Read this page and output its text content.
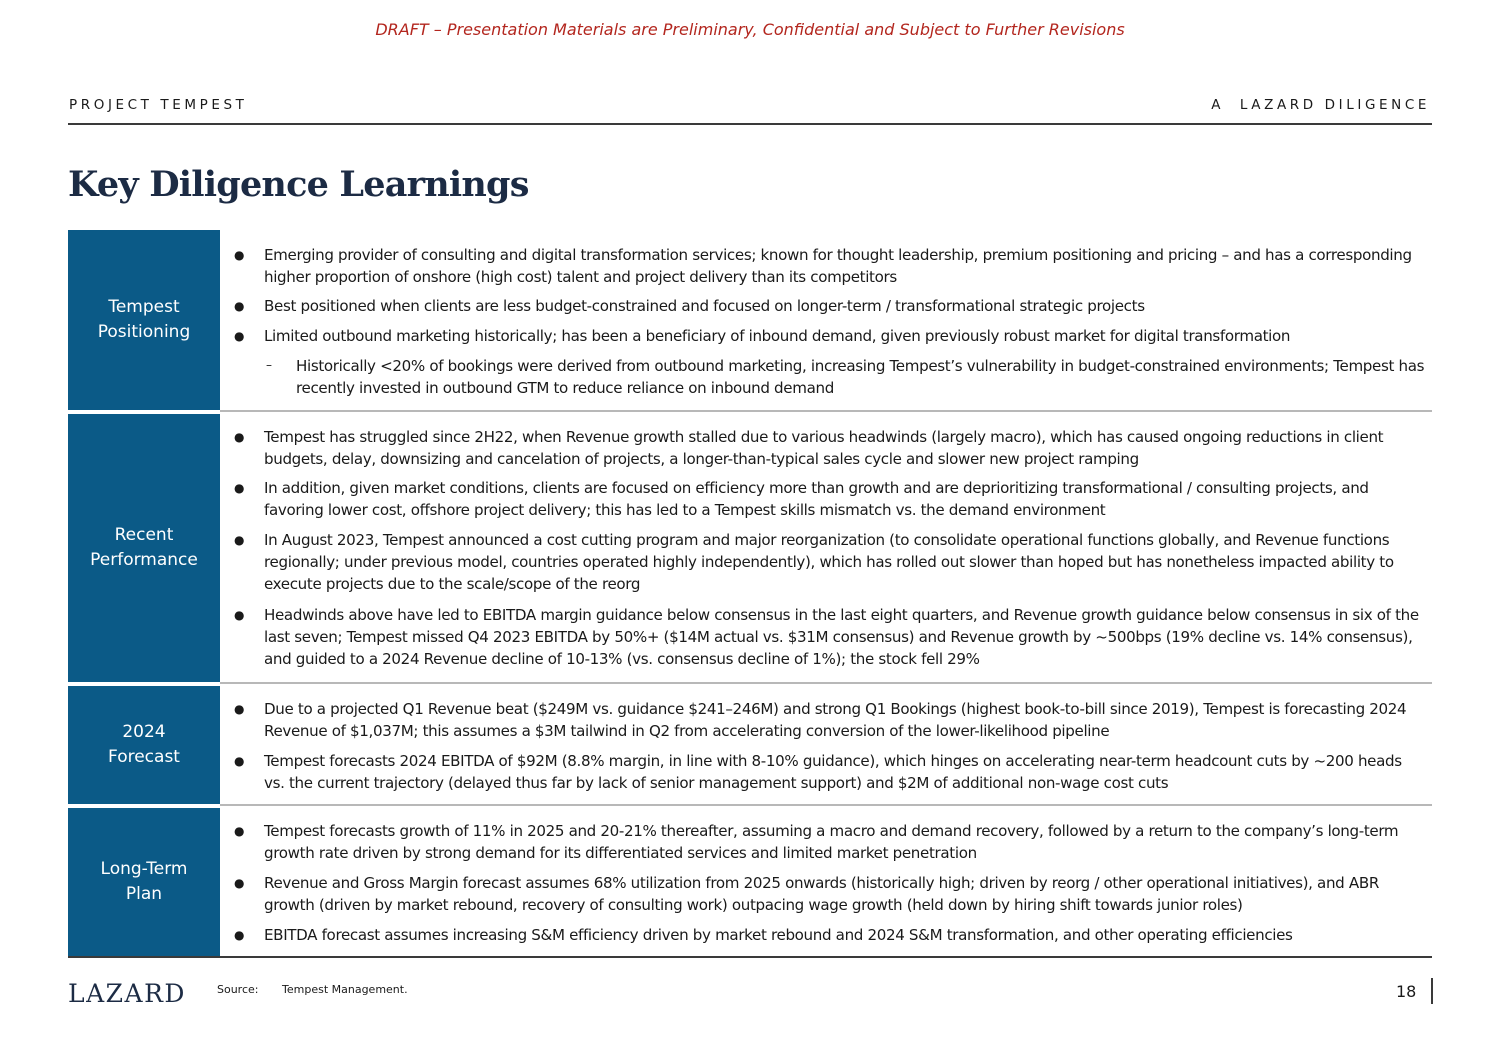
DRAFT – Presentation Materials are Preliminary, Confidential and Subject to Further Revisions
PROJECT TEMPEST	A  LAZARD DILIGENCE
Key Diligence Learnings
Tempest Positioning
● Emerging provider of consulting and digital transformation services; known for thought leadership, premium positioning and pricing – and has a corresponding higher proportion of onshore (high cost) talent and project delivery than its competitors
● Best positioned when clients are less budget-constrained and focused on longer-term / transformational strategic projects
● Limited outbound marketing historically; has been a beneficiary of inbound demand, given previously robust market for digital transformation
– Historically <20% of bookings were derived from outbound marketing, increasing Tempest’s vulnerability in budget-constrained environments; Tempest has recently invested in outbound GTM to reduce reliance on inbound demand
Recent Performance
● Tempest has struggled since 2H22, when Revenue growth stalled due to various headwinds (largely macro), which has caused ongoing reductions in client budgets, delay, downsizing and cancelation of projects, a longer-than-typical sales cycle and slower new project ramping
● In addition, given market conditions, clients are focused on efficiency more than growth and are deprioritizing transformational / consulting projects, and favoring lower cost, offshore project delivery; this has led to a Tempest skills mismatch vs. the demand environment
● In August 2023, Tempest announced a cost cutting program and major reorganization (to consolidate operational functions globally, and Revenue functions regionally; under previous model, countries operated highly independently), which has rolled out slower than hoped but has nonetheless impacted ability to execute projects due to the scale/scope of the reorg
● Headwinds above have led to EBITDA margin guidance below consensus in the last eight quarters, and Revenue growth guidance below consensus in six of the last seven; Tempest missed Q4 2023 EBITDA by 50%+ ($14M actual vs. $31M consensus) and Revenue growth by ~500bps (19% decline vs. 14% consensus), and guided to a 2024 Revenue decline of 10-13% (vs. consensus decline of 1%); the stock fell 29%
2024 Forecast
● Due to a projected Q1 Revenue beat ($249M vs. guidance $241–246M) and strong Q1 Bookings (highest book-to-bill since 2019), Tempest is forecasting 2024 Revenue of $1,037M; this assumes a $3M tailwind in Q2 from accelerating conversion of the lower-likelihood pipeline
● Tempest forecasts 2024 EBITDA of $92M (8.8% margin, in line with 8-10% guidance), which hinges on accelerating near-term headcount cuts by ~200 heads vs. the current trajectory (delayed thus far by lack of senior management support) and $2M of additional non-wage cost cuts
Long-Term Plan
● Tempest forecasts growth of 11% in 2025 and 20-21% thereafter, assuming a macro and demand recovery, followed by a return to the company’s long-term growth rate driven by strong demand for its differentiated services and limited market penetration
● Revenue and Gross Margin forecast assumes 68% utilization from 2025 onwards (historically high; driven by reorg / other operational initiatives), and ABR growth (driven by market rebound, recovery of consulting work) outpacing wage growth (held down by hiring shift towards junior roles)
● EBITDA forecast assumes increasing S&M efficiency driven by market rebound and 2024 S&M transformation, and other operating efficiencies
LAZARD	Source: Tempest Management.	18
